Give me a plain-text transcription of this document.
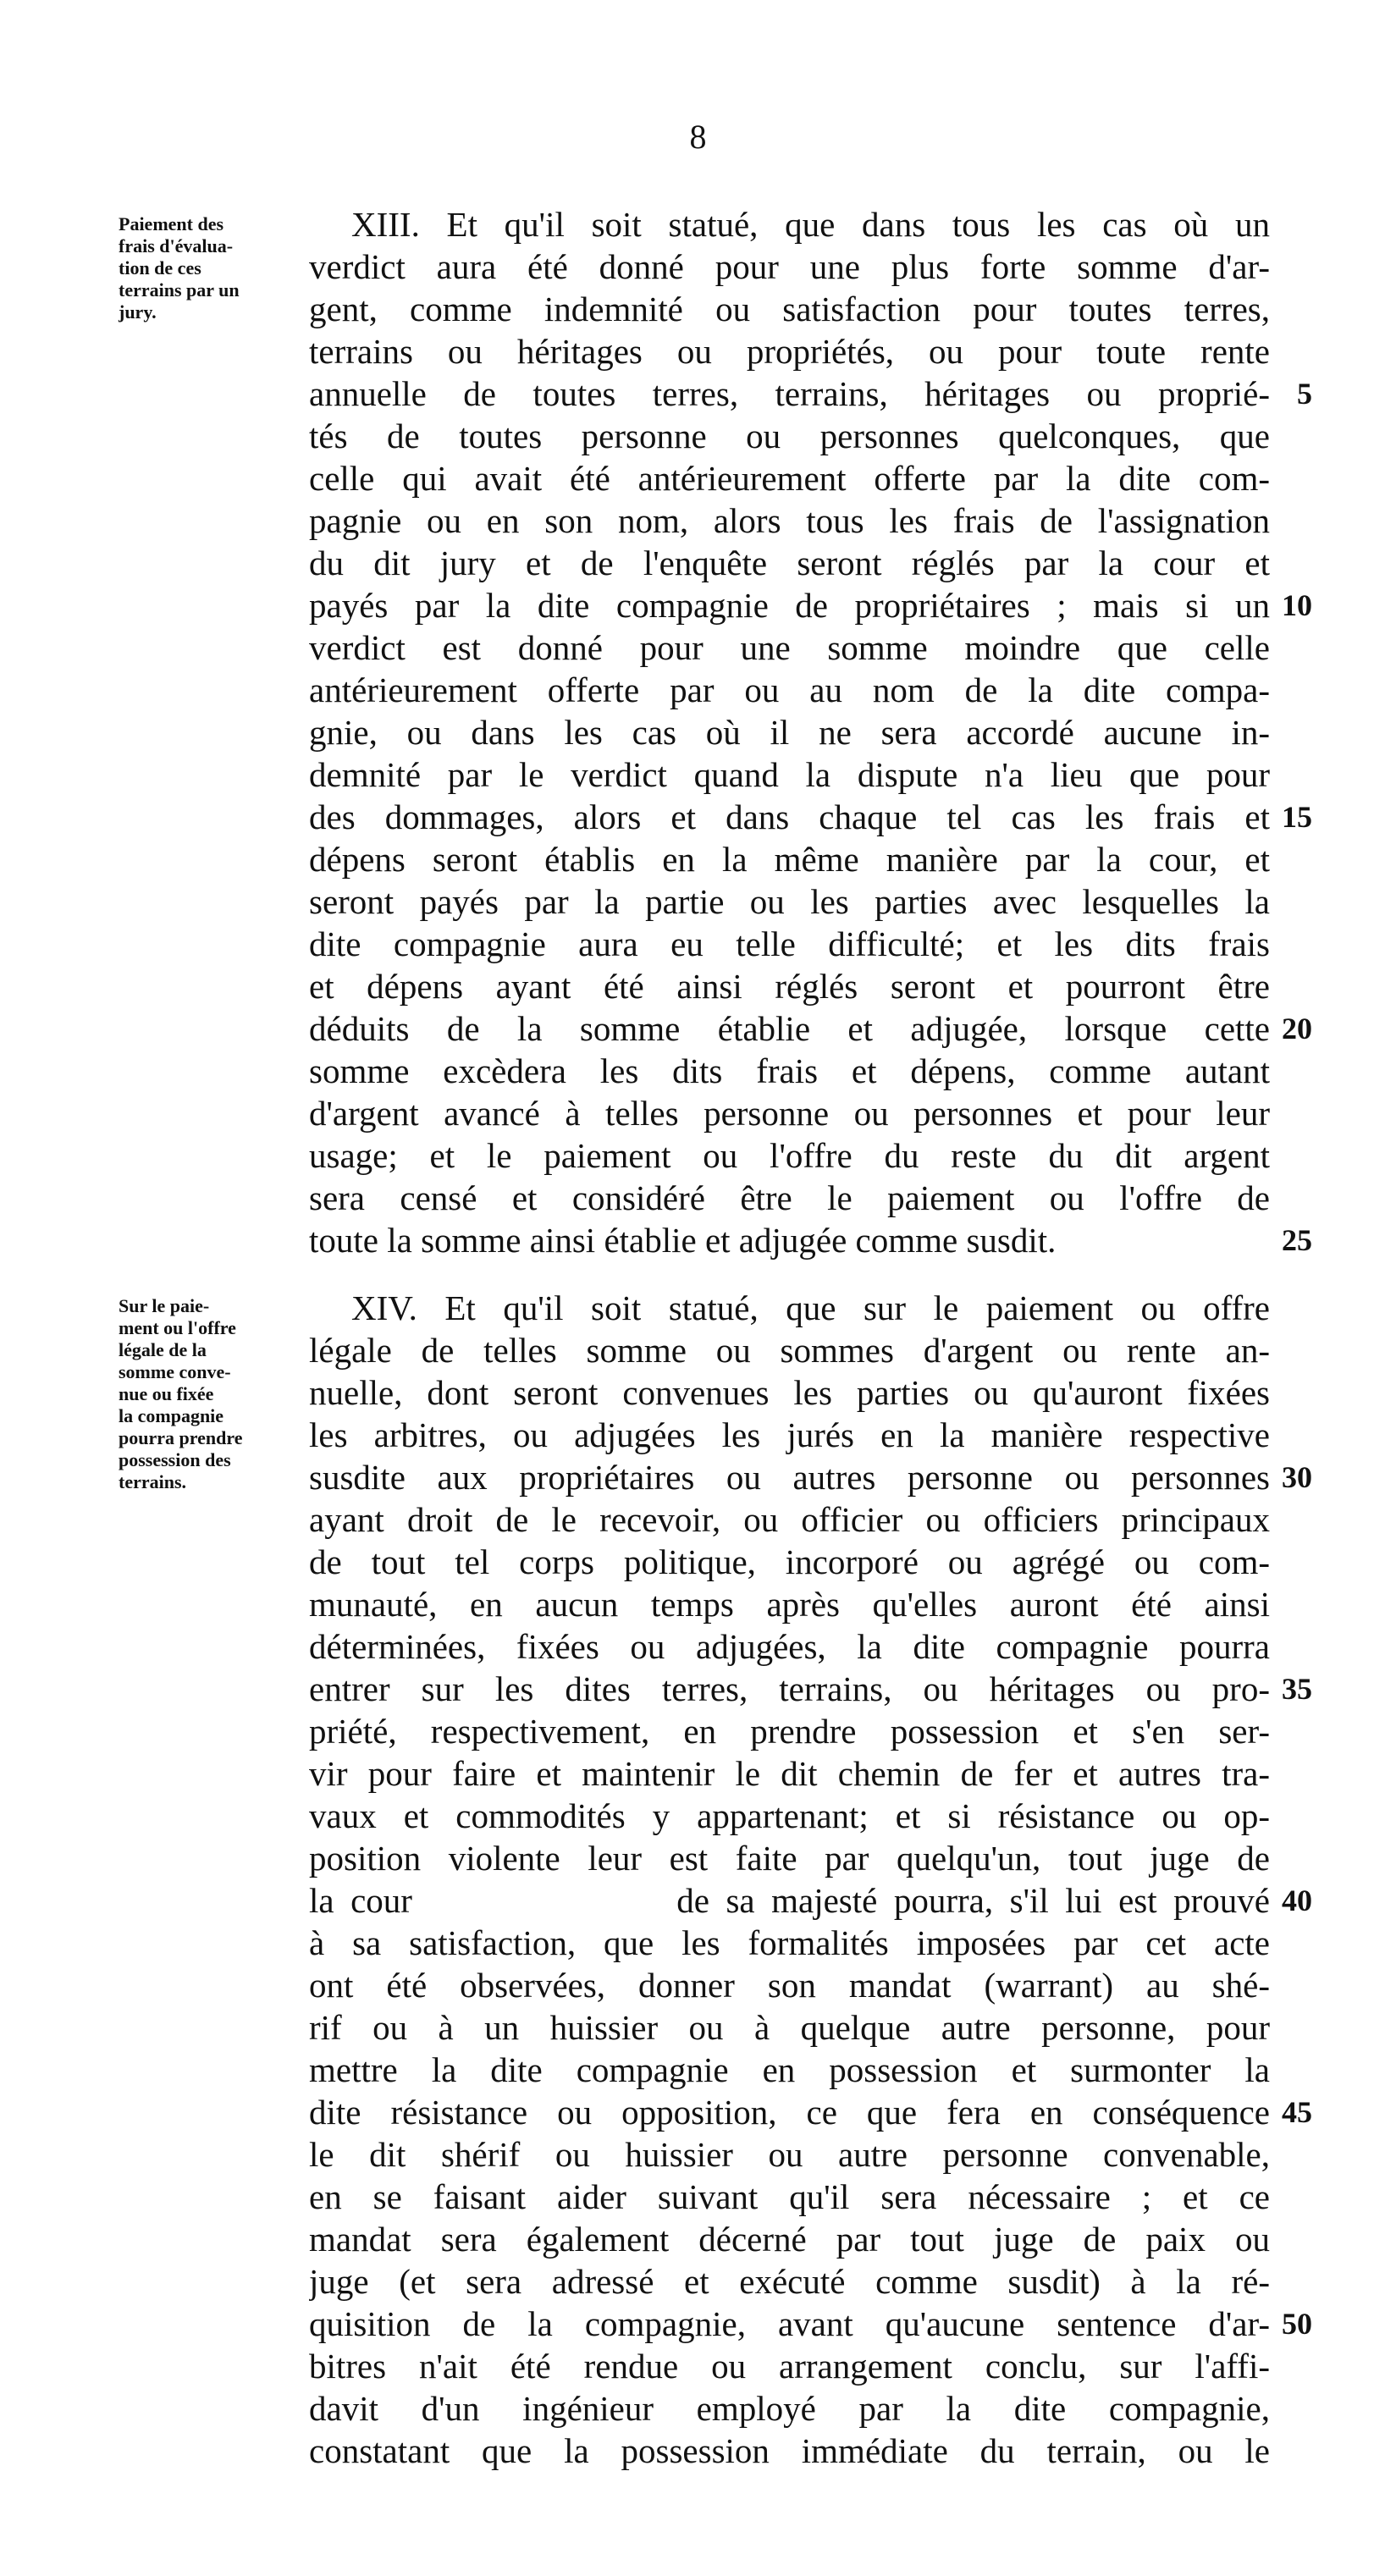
8
Paiement des
frais d'évalua-
tion de ces
terrains par un
jury.
XIII. Et qu'il soit statué, que dans tous les cas où un
verdict aura été donné pour une plus forte somme d'ar-
gent, comme indemnité ou satisfaction pour toutes terres,
terrains ou héritages ou propriétés, ou pour toute rente
annuelle de toutes terres, terrains, héritages ou proprié-
tés de toutes personne ou personnes quelconques, que
celle qui avait été antérieurement offerte par la dite com-
pagnie ou en son nom, alors tous les frais de l'assignation
du dit jury et de l'enquête seront réglés par la cour et
payés par la dite compagnie de propriétaires ; mais si un
verdict est donné pour une somme moindre que celle
antérieurement offerte par ou au nom de la dite compa-
gnie, ou dans les cas où il ne sera accordé aucune in-
demnité par le verdict quand la dispute n'a lieu que pour
des dommages, alors et dans chaque tel cas les frais et
dépens seront établis en la même manière par la cour, et
seront payés par la partie ou les parties avec lesquelles la
dite compagnie aura eu telle difficulté; et les dits frais
et dépens ayant été ainsi réglés seront et pourront être
déduits de la somme établie et adjugée, lorsque cette
somme excèdera les dits frais et dépens, comme autant
d'argent avancé à telles personne ou personnes et pour leur
usage; et le paiement ou l'offre du reste du dit argent
sera censé et considéré être le paiement ou l'offre de
toute la somme ainsi établie et adjugée comme susdit.
5
10
15
20
25
Sur le paie-
ment ou l'offre
légale de la
somme conve-
nue ou fixée
la compagnie
pourra prendre
possession des
terrains.
XIV. Et qu'il soit statué, que sur le paiement ou offre
légale de telles somme ou sommes d'argent ou rente an-
nuelle, dont seront convenues les parties ou qu'auront fixées
les arbitres, ou adjugées les jurés en la manière respective
susdite aux propriétaires ou autres personne ou personnes
ayant droit de le recevoir, ou officier ou officiers principaux
de tout tel corps politique, incorporé ou agrégé ou com-
munauté, en aucun temps après qu'elles auront été ainsi
déterminées, fixées ou adjugées, la dite compagnie pourra
entrer sur les dites terres, terrains, ou héritages ou pro-
priété, respectivement, en prendre possession et s'en ser-
vir pour faire et maintenir le dit chemin de fer et autres tra-
vaux et commodités y appartenant; et si résistance ou op-
position violente leur est faite par quelqu'un, tout juge de
la cour                de sa majesté pourra, s'il lui est prouvé
à sa satisfaction, que les formalités imposées par cet acte
ont été observées, donner son mandat (warrant) au shé-
rif ou à un huissier ou à quelque autre personne, pour
mettre la dite compagnie en possession et surmonter la
dite résistance ou opposition, ce que fera en conséquence
le dit shérif ou huissier ou autre personne convenable,
en se faisant aider suivant qu'il sera nécessaire ; et ce
mandat sera également décerné par tout juge de paix ou
juge (et sera adressé et exécuté comme susdit) à la ré-
quisition de la compagnie, avant qu'aucune sentence d'ar-
bitres n'ait été rendue ou arrangement conclu, sur l'affi-
davit d'un ingénieur employé par la dite compagnie,
constatant que la possession immédiate du terrain, ou le
30
35
40
45
50
